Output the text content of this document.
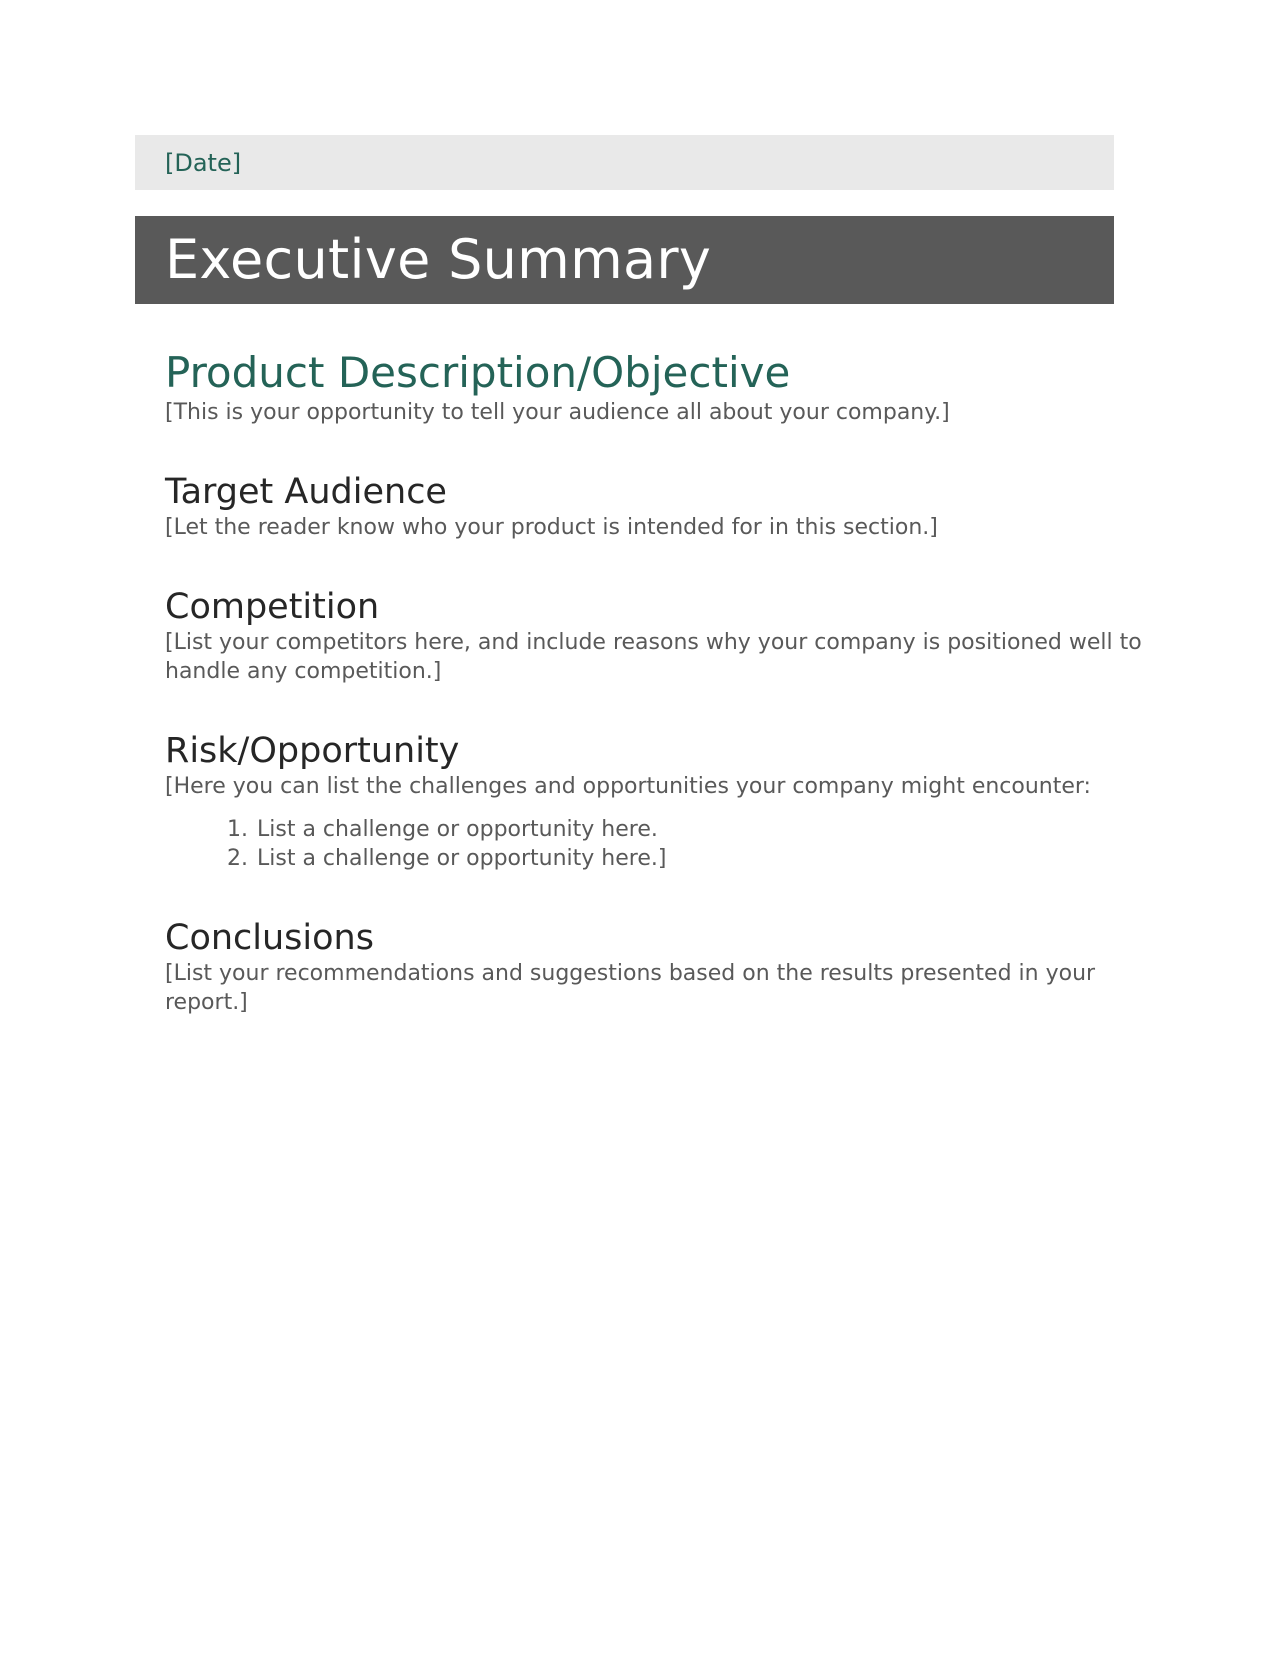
[Date]
Executive Summary
Product Description/Objective

[This is your opportunity to tell your audience all about your company.]

Target Audience

[Let the reader know who your product is intended for in this section.]

Competition

[List your competitors here, and include reasons why your company is positioned well to handle any competition.]

Risk/Opportunity

[Here you can list the challenges and opportunities your company might encounter:

1. List a challenge or opportunity here.
2. List a challenge or opportunity here.]
Conclusions

[List your recommendations and suggestions based on the results presented in your report.]
